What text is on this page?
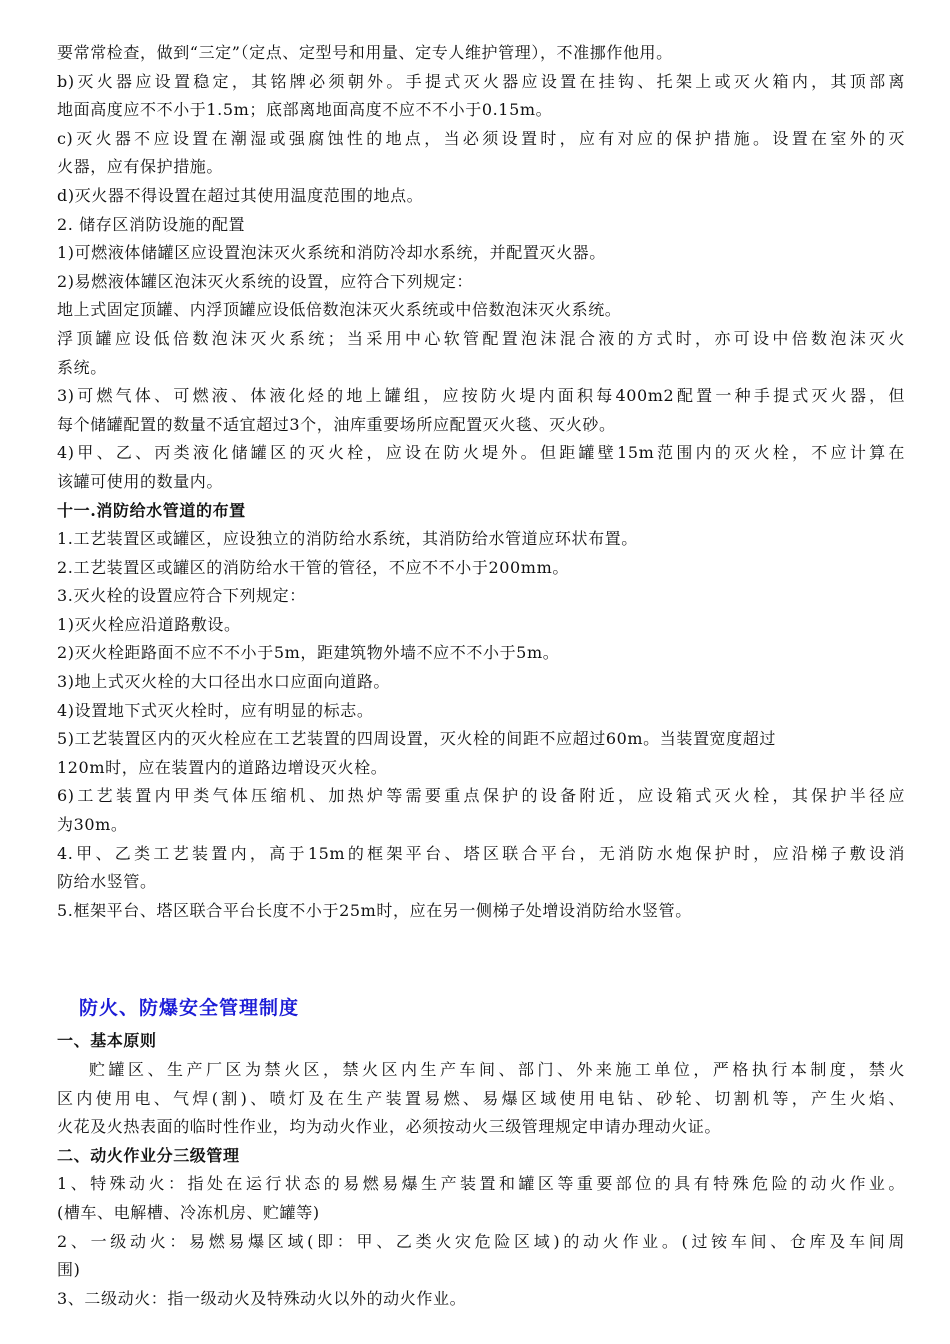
要常常检查，做到“三定”（定点、定型号和用量、定专人维护管理），不准挪作他用。
b)灭火器应设置稳定，其铭牌必须朝外。手提式灭火器应设置在挂钩、托架上或灭火箱内，其顶部离
地面高度应不不小于1.5m；底部离地面高度不应不不小于0.15m。
c)灭火器不应设置在潮湿或强腐蚀性的地点，当必须设置时，应有对应的保护措施。设置在室外的灭
火器，应有保护措施。
d)灭火器不得设置在超过其使用温度范围的地点。
2. 储存区消防设施的配置
1)可燃液体储罐区应设置泡沫灭火系统和消防冷却水系统，并配置灭火器。
2)易燃液体罐区泡沫灭火系统的设置，应符合下列规定：
地上式固定顶罐、内浮顶罐应设低倍数泡沫灭火系统或中倍数泡沫灭火系统。
浮顶罐应设低倍数泡沫灭火系统；当采用中心软管配置泡沫混合液的方式时，亦可设中倍数泡沫灭火
系统。
3)可燃气体、可燃液、体液化烃的地上罐组，应按防火堤内面积每400m2配置一种手提式灭火器，但
每个储罐配置的数量不适宜超过3个，油库重要场所应配置灭火毯、灭火砂。
4)甲、乙、丙类液化储罐区的灭火栓，应设在防火堤外。但距罐壁15m范围内的灭火栓，不应计算在
该罐可使用的数量内。
十一.消防给水管道的布置
1.工艺装置区或罐区，应设独立的消防给水系统，其消防给水管道应环状布置。
2.工艺装置区或罐区的消防给水干管的管径，不应不不小于200mm。
3.灭火栓的设置应符合下列规定：
1)灭火栓应沿道路敷设。
2)灭火栓距路面不应不不小于5m，距建筑物外墙不应不不小于5m。
3)地上式灭火栓的大口径出水口应面向道路。
4)设置地下式灭火栓时，应有明显的标志。
5)工艺装置区内的灭火栓应在工艺装置的四周设置，灭火栓的间距不应超过60m。当装置宽度超过
120m时，应在装置内的道路边增设灭火栓。
6)工艺装置内甲类气体压缩机、加热炉等需要重点保护的设备附近，应设箱式灭火栓，其保护半径应
为30m。
4.甲、乙类工艺装置内，高于15m的框架平台、塔区联合平台，无消防水炮保护时，应沿梯子敷设消
防给水竖管。
5.框架平台、塔区联合平台长度不小于25m时，应在另一侧梯子处增设消防给水竖管。
防火、防爆安全管理制度
一、基本原则
贮罐区、生产厂区为禁火区，禁火区内生产车间、部门、外来施工单位，严格执行本制度，禁火
区内使用电、气焊(割)、喷灯及在生产装置易燃、易爆区域使用电钻、砂轮、切割机等，产生火焰、
火花及火热表面的临时性作业，均为动火作业，必须按动火三级管理规定申请办理动火证。
二、动火作业分三级管理
1、特殊动火：指处在运行状态的易燃易爆生产装置和罐区等重要部位的具有特殊危险的动火作业。
(槽车、电解槽、冷冻机房、贮罐等)
2、一级动火：易燃易爆区域(即：甲、乙类火灾危险区域)的动火作业。(过铵车间、仓库及车间周
围)
3、二级动火：指一级动火及特殊动火以外的动火作业。
